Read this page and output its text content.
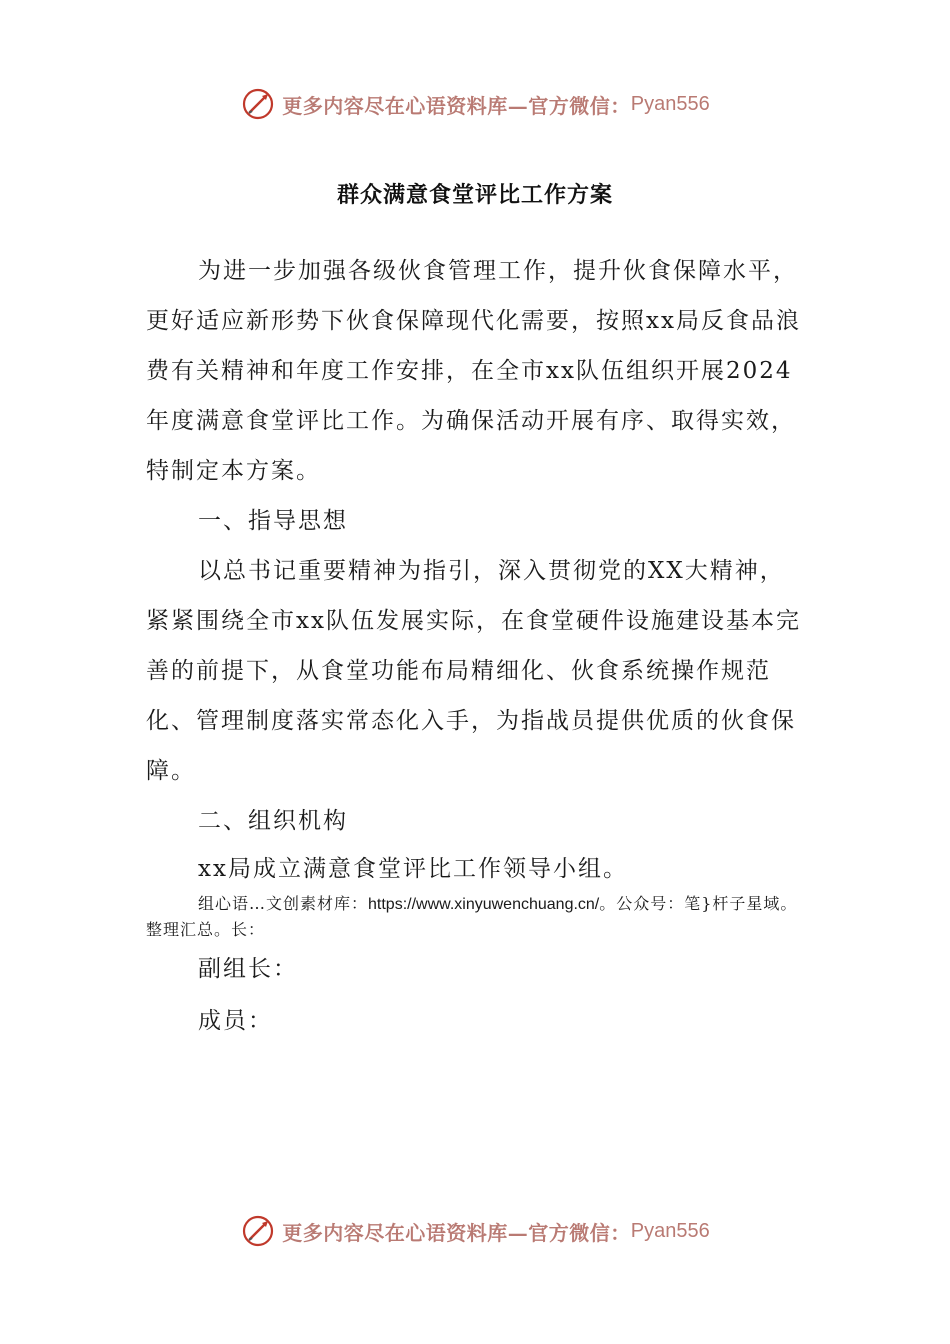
更多内容尽在心语资料库—官方微信： Pyan556
群众满意食堂评比工作方案

为进一步加强各级伙食管理工作，提升伙食保障水平，更好适应新形势下伙食保障现代化需要，按照xx局反食品浪费有关精神和年度工作安排，在全市xx队伍组织开展2024年度满意食堂评比工作。为确保活动开展有序、取得实效，特制定本方案。

一、指导思想

以总书记重要精神为指引，深入贯彻党的XX大精神，紧紧围绕全市xx队伍发展实际，在食堂硬件设施建设基本完善的前提下，从食堂功能布局精细化、伙食系统操作规范化、管理制度落实常态化入手，为指战员提供优质的伙食保障。

二、组织机构

xx局成立满意食堂评比工作领导小组。

组心语…文创素材库：https://www.xinyuwenchuang.cn/。公众号：笔}杆子星域。整理汇总。长：

副组长：

成员：

更多内容尽在心语资料库—官方微信： Pyan556
